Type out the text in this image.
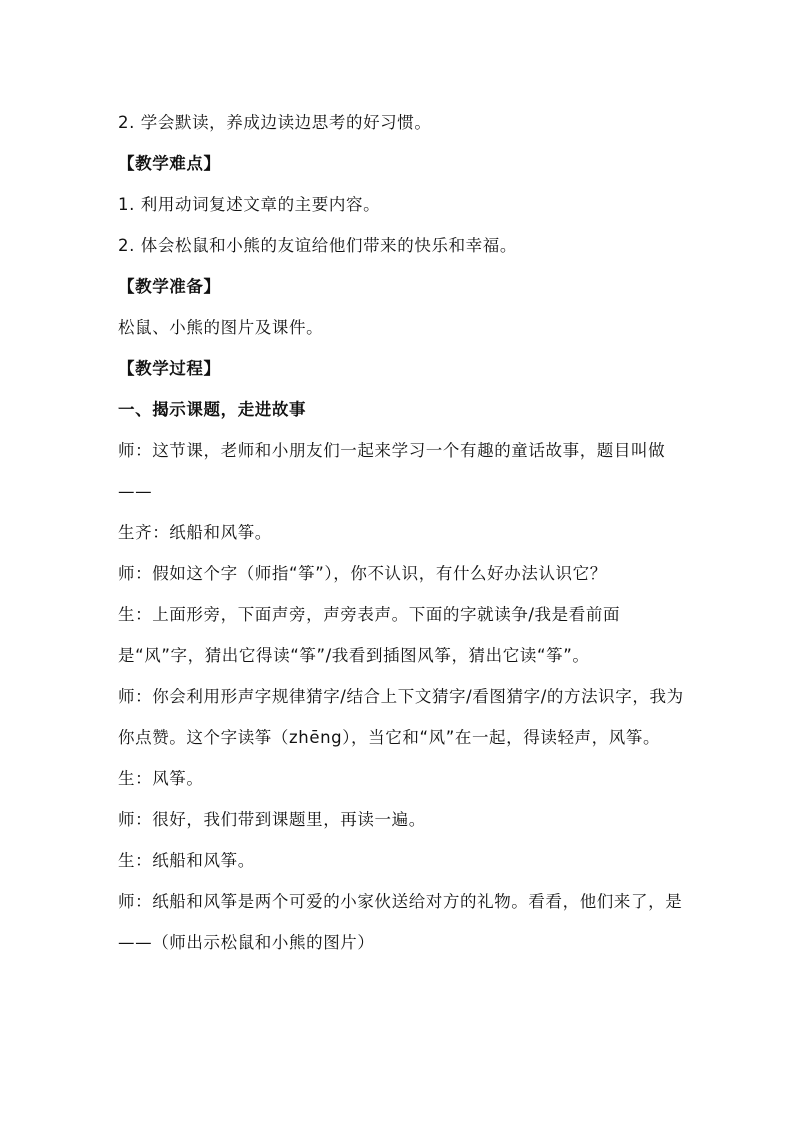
2. 学会默读，养成边读边思考的好习惯。

【教学难点】

1. 利用动词复述文章的主要内容。

2. 体会松鼠和小熊的友谊给他们带来的快乐和幸福。

【教学准备】

松鼠、小熊的图片及课件。

【教学过程】

一、揭示课题，走进故事

师：这节课，老师和小朋友们一起来学习一个有趣的童话故事，题目叫做——

生齐：纸船和风筝。

师：假如这个字（师指“筝”），你不认识，有什么好办法认识它？

生：上面形旁，下面声旁，声旁表声。下面的字就读争/我是看前面是“风”字，猜出它得读“筝”/我看到插图风筝，猜出它读“筝”。

师：你会利用形声字规律猜字/结合上下文猜字/看图猜字/的方法识字，我为你点赞。这个字读筝（zhēng），当它和“风”在一起，得读轻声，风筝。

生：风筝。

师：很好，我们带到课题里，再读一遍。

生：纸船和风筝。

师：纸船和风筝是两个可爱的小家伙送给对方的礼物。看看，他们来了，是——（师出示松鼠和小熊的图片）
